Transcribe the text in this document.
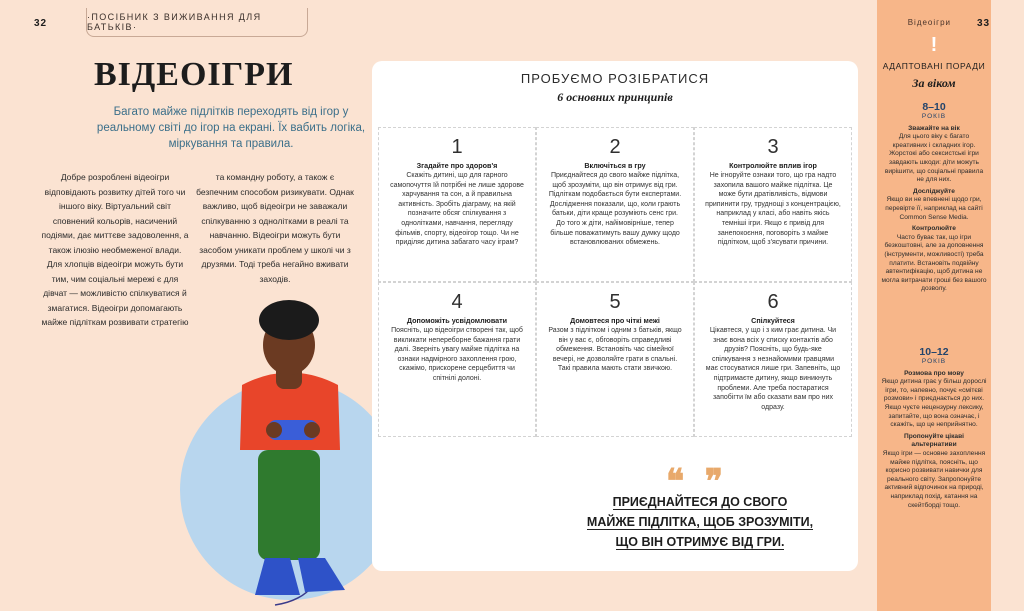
32
·ПОСІБНИК З ВИЖИВАННЯ ДЛЯ БАТЬКІВ·
ВІДЕОІГРИ
Багато майже підлітків переходять від ігор у реальному світі до ігор на екрані. Їх вабить логіка, міркування та правила.
Добре розроблені відеоігри відповідають розвитку дітей того чи іншого віку. Віртуальний світ сповнений кольорів, насичений подіями, дає миттєве задоволення, а також ілюзію необмеженої влади. Для хлопців відеоігри можуть бути тим, чим соціальні мережі є для дівчат — можливістю спілкуватися й змагатися. Відеоігри допомагають майже підліткам розвивати стратегію
та командну роботу, а також є безпечним способом ризикувати. Однак важливо, щоб відеоігри не заважали спілкуванню з однолітками в реалі та навчанню. Відеоігри можуть бути засобом уникати проблем у школі чи з друзями. Тоді треба негайно вживати заходів.
ПРОБУЄМО РОЗІБРАТИСЯ
6 основних принципів
1
Згадайте про здоров'я
Скажіть дитині, що для гарного самопочуття їй потрібні не лише здорове харчування та сон, а й правильна активність. Зробіть діаграму, на якій позначите обсяг спілкування з однолітками, навчання, перегляду фільмів, спорту, відеоігор тощо. Чи не приділяє дитина забагато часу іграм?
2
Включіться в гру
Приєднайтеся до свого майже підлітка, щоб зрозуміти, що він отримує від гри. Підліткам подобається бути експертами. Дослідження показали, що, коли грають батьки, діти краще розуміють сенс гри. До того ж діти, найімовірніше, тепер більше поважатимуть вашу думку щодо встановлюваних обмежень.
3
Контролюйте вплив ігор
Не ігноруйте ознаки того, що гра надто захопила вашого майже підлітка. Це може бути дратівливість, відмови припинити гру, труднощі з концентрацією, наприклад у класі, або навіть якісь темніші ігри. Якщо є привід для занепокоєння, поговоріть з майже підлітком, щоб з'ясувати причини.
4
Допоможіть усвідомлювати
Поясніть, що відеоігри створені так, щоб викликати непереборне бажання грати далі. Зверніть увагу майже підлітка на ознаки надмірного захоплення грою, скажімо, прискорене серцебиття чи спітнілі долоні.
5
Домовтеся про чіткі межі
Разом з підлітком і одним з батьків, якщо він у вас є, обговоріть справедливі обмеження. Встановіть час сімейної вечері, не дозволяйте грати в спальні. Такі правила мають стати звичкою.
6
Спілкуйтеся
Цікавтеся, у що і з ким грає дитина. Чи знає вона всіх у списку контактів або друзів? Поясніть, що будь-яке спілкування з незнайомими гравцями має стосуватися лише гри. Запевніть, що підтримаєте дитину, якщо виникнуть проблеми. Але треба постаратися запобігти їм або сказати вам про них одразу.
❝ ❞
ПРИЄДНАЙТЕСЯ ДО СВОГО
МАЙЖЕ ПІДЛІТКА, ЩОБ ЗРОЗУМІТИ,
ЩО ВІН ОТРИМУЄ ВІД ГРИ.
Відеоігри
!
АДАПТОВАНІ ПОРАДИ
За віком
8–10
РОКІВ
Зважайте на вік
Для цього віку є багато креативних і складних ігор. Жорстокі або сексистські ігри завдають шкоди: діти можуть вирішити, що соціальні правила не для них.
Досліджуйте
Якщо ви не впевнені щодо гри, перевірте її, наприклад на сайті Common Sense Media.
Контролюйте
Часто буває так, що ігри безкоштовні, але за доповнення (інструменти, можливості) треба платити. Встановіть подвійну автентифікацію, щоб дитина не могла витрачати гроші без вашого дозволу.
10–12
РОКІВ
Розмова про мову
Якщо дитина грає у більш дорослі ігри, то, напевно, почує «смітєві розмови» і приєднається до них. Якщо чуєте нецензурну лексику, запитайте, що вона означає, і скажіть, що це неприйнятно.
Пропонуйте цікаві альтернативи
Якщо ігри — основне захоплення майже підлітка, поясніть, що корисно розвивати навички для реального світу. Запропонуйте активний відпочинок на природі, наприклад похід, катання на скейтборді тощо.
33
